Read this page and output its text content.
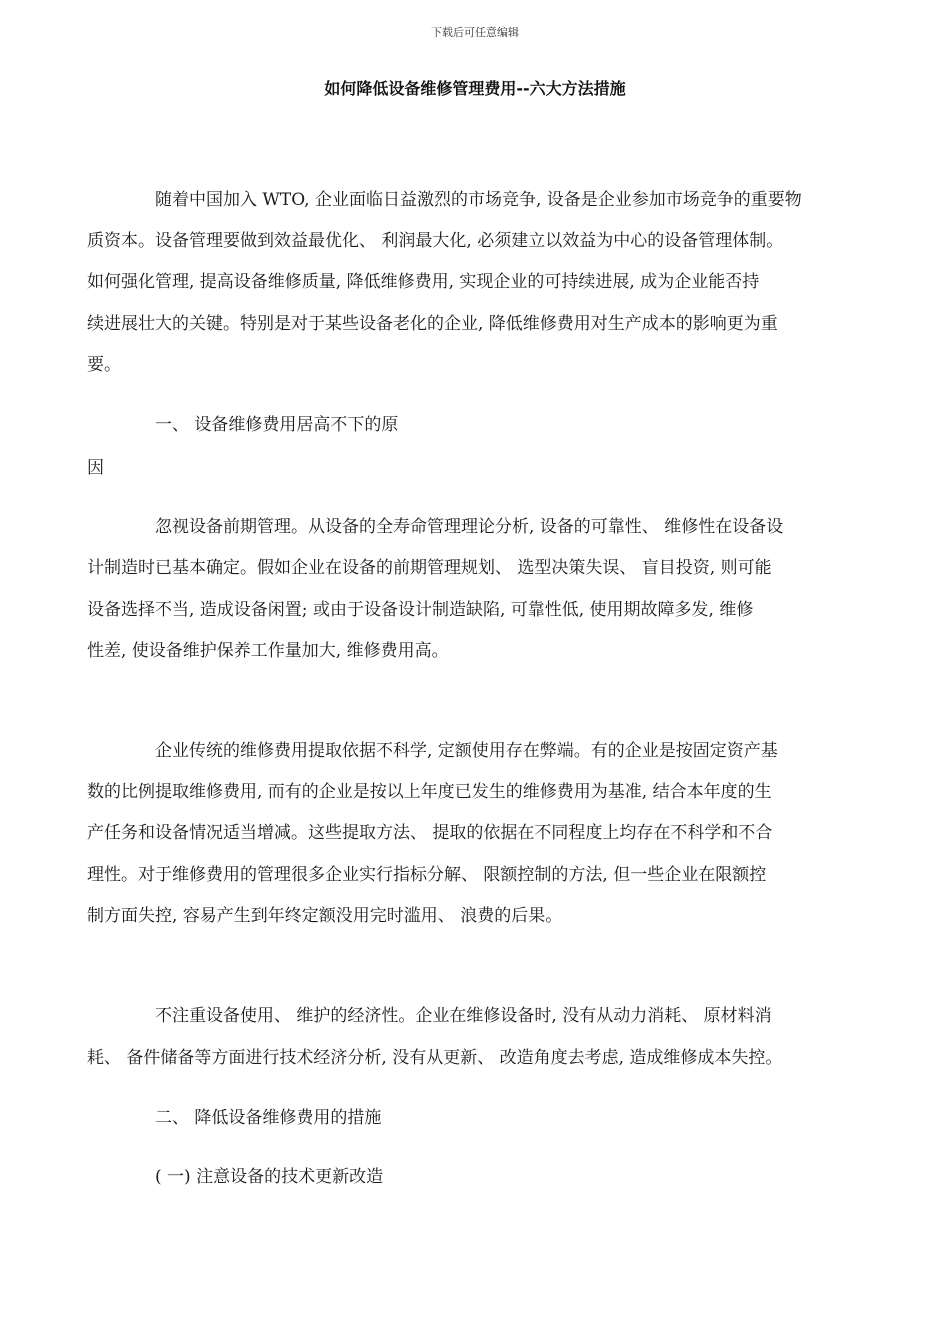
下载后可任意编辑
如何降低设备维修管理费用--六大方法措施
随着中国加入 WTO, 企业面临日益激烈的市场竞争, 设备是企业参加市场竞争的重要物
质资本。设备管理要做到效益最优化、 利润最大化, 必须建立以效益为中心的设备管理体制。
如何强化管理, 提高设备维修质量, 降低维修费用, 实现企业的可持续进展, 成为企业能否持
续进展壮大的关键。特别是对于某些设备老化的企业, 降低维修费用对生产成本的影响更为重
要。
一、 设备维修费用居高不下的原
因
忽视设备前期管理。从设备的全寿命管理理论分析, 设备的可靠性、 维修性在设备设
计制造时已基本确定。假如企业在设备的前期管理规划、 选型决策失误、 盲目投资, 则可能
设备选择不当, 造成设备闲置; 或由于设备设计制造缺陷, 可靠性低, 使用期故障多发, 维修
性差, 使设备维护保养工作量加大, 维修费用高。
企业传统的维修费用提取依据不科学, 定额使用存在弊端。有的企业是按固定资产基
数的比例提取维修费用, 而有的企业是按以上年度已发生的维修费用为基准, 结合本年度的生
产任务和设备情况适当增减。这些提取方法、 提取的依据在不同程度上均存在不科学和不合
理性。对于维修费用的管理很多企业实行指标分解、 限额控制的方法, 但一些企业在限额控
制方面失控, 容易产生到年终定额没用完时滥用、 浪费的后果。
不注重设备使用、 维护的经济性。企业在维修设备时, 没有从动力消耗、 原材料消
耗、 备件储备等方面进行技术经济分析, 没有从更新、 改造角度去考虑, 造成维修成本失控。
二、 降低设备维修费用的措施
( 一) 注意设备的技术更新改造
